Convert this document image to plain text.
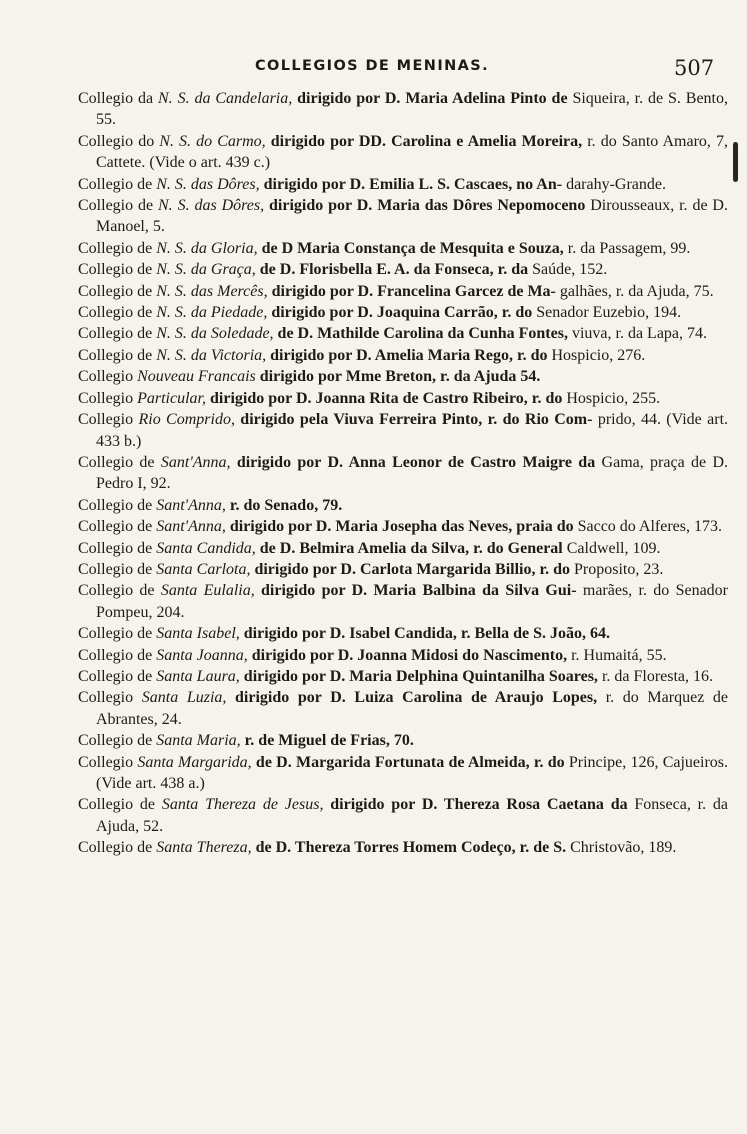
COLLEGIOS DE MENINAS.	507
Collegio da N. S. da Candelaria, dirigido por D. Maria Adelina Pinto de Siqueira, r. de S. Bento, 55.
Collegio do N. S. do Carmo, dirigido por DD. Carolina e Amelia Moreira, r. do Santo Amaro, 7, Cattete. (Vide o art. 439 c.)
Collegio de N. S. das Dôres, dirigido por D. Emilia L. S. Cascaes, no An- darahy-Grande.
Collegio de N. S. das Dôres, dirigido por D. Maria das Dôres Nepomoceno Dirousseaux, r. de D. Manoel, 5.
Collegio de N. S. da Gloria, de D Maria Constança de Mesquita e Souza, r. da Passagem, 99.
Collegio de N. S. da Graça, de D. Florisbella E. A. da Fonseca, r. da Saúde, 152.
Collegio de N. S. das Mercês, dirigido por D. Francelina Garcez de Ma- galhães, r. da Ajuda, 75.
Collegio de N. S. da Piedade, dirigido por D. Joaquina Carrão, r. do Senador Euzebio, 194.
Collegio de N. S. da Soledade, de D. Mathilde Carolina da Cunha Fontes, viuva, r. da Lapa, 74.
Collegio de N. S. da Victoria, dirigido por D. Amelia Maria Rego, r. do Hospicio, 276.
Collegio Nouveau Francais dirigido por Mme Breton, r. da Ajuda 54.
Collegio Particular, dirigido por D. Joanna Rita de Castro Ribeiro, r. do Hospicio, 255.
Collegio Rio Comprido, dirigido pela Viuva Ferreira Pinto, r. do Rio Com- prido, 44. (Vide art. 433 b.)
Collegio de Sant'Anna, dirigido por D. Anna Leonor de Castro Maigre da Gama, praça de D. Pedro I, 92.
Collegio de Sant'Anna, r. do Senado, 79.
Collegio de Sant'Anna, dirigido por D. Maria Josepha das Neves, praia do Sacco do Alferes, 173.
Collegio de Santa Candida, de D. Belmira Amelia da Silva, r. do General Caldwell, 109.
Collegio de Santa Carlota, dirigido por D. Carlota Margarida Billio, r. do Proposito, 23.
Collegio de Santa Eulalia, dirigido por D. Maria Balbina da Silva Gui- marães, r. do Senador Pompeu, 204.
Collegio de Santa Isabel, dirigido por D. Isabel Candida, r. Bella de S. João, 64.
Collegio de Santa Joanna, dirigido por D. Joanna Midosi do Nascimento, r. Humaitá, 55.
Collegio de Santa Laura, dirigido por D. Maria Delphina Quintanilha Soares, r. da Floresta, 16.
Collegio Santa Luzia, dirigido por D. Luiza Carolina de Araujo Lopes, r. do Marquez de Abrantes, 24.
Collegio de Santa Maria, r. de Miguel de Frias, 70.
Collegio Santa Margarida, de D. Margarida Fortunata de Almeida, r. do Principe, 126, Cajueiros. (Vide art. 438 a.)
Collegio de Santa Thereza de Jesus, dirigido por D. Thereza Rosa Caetana da Fonseca, r. da Ajuda, 52.
Collegio de Santa Thereza, de D. Thereza Torres Homem Codeço, r. de S. Christovão, 189.
